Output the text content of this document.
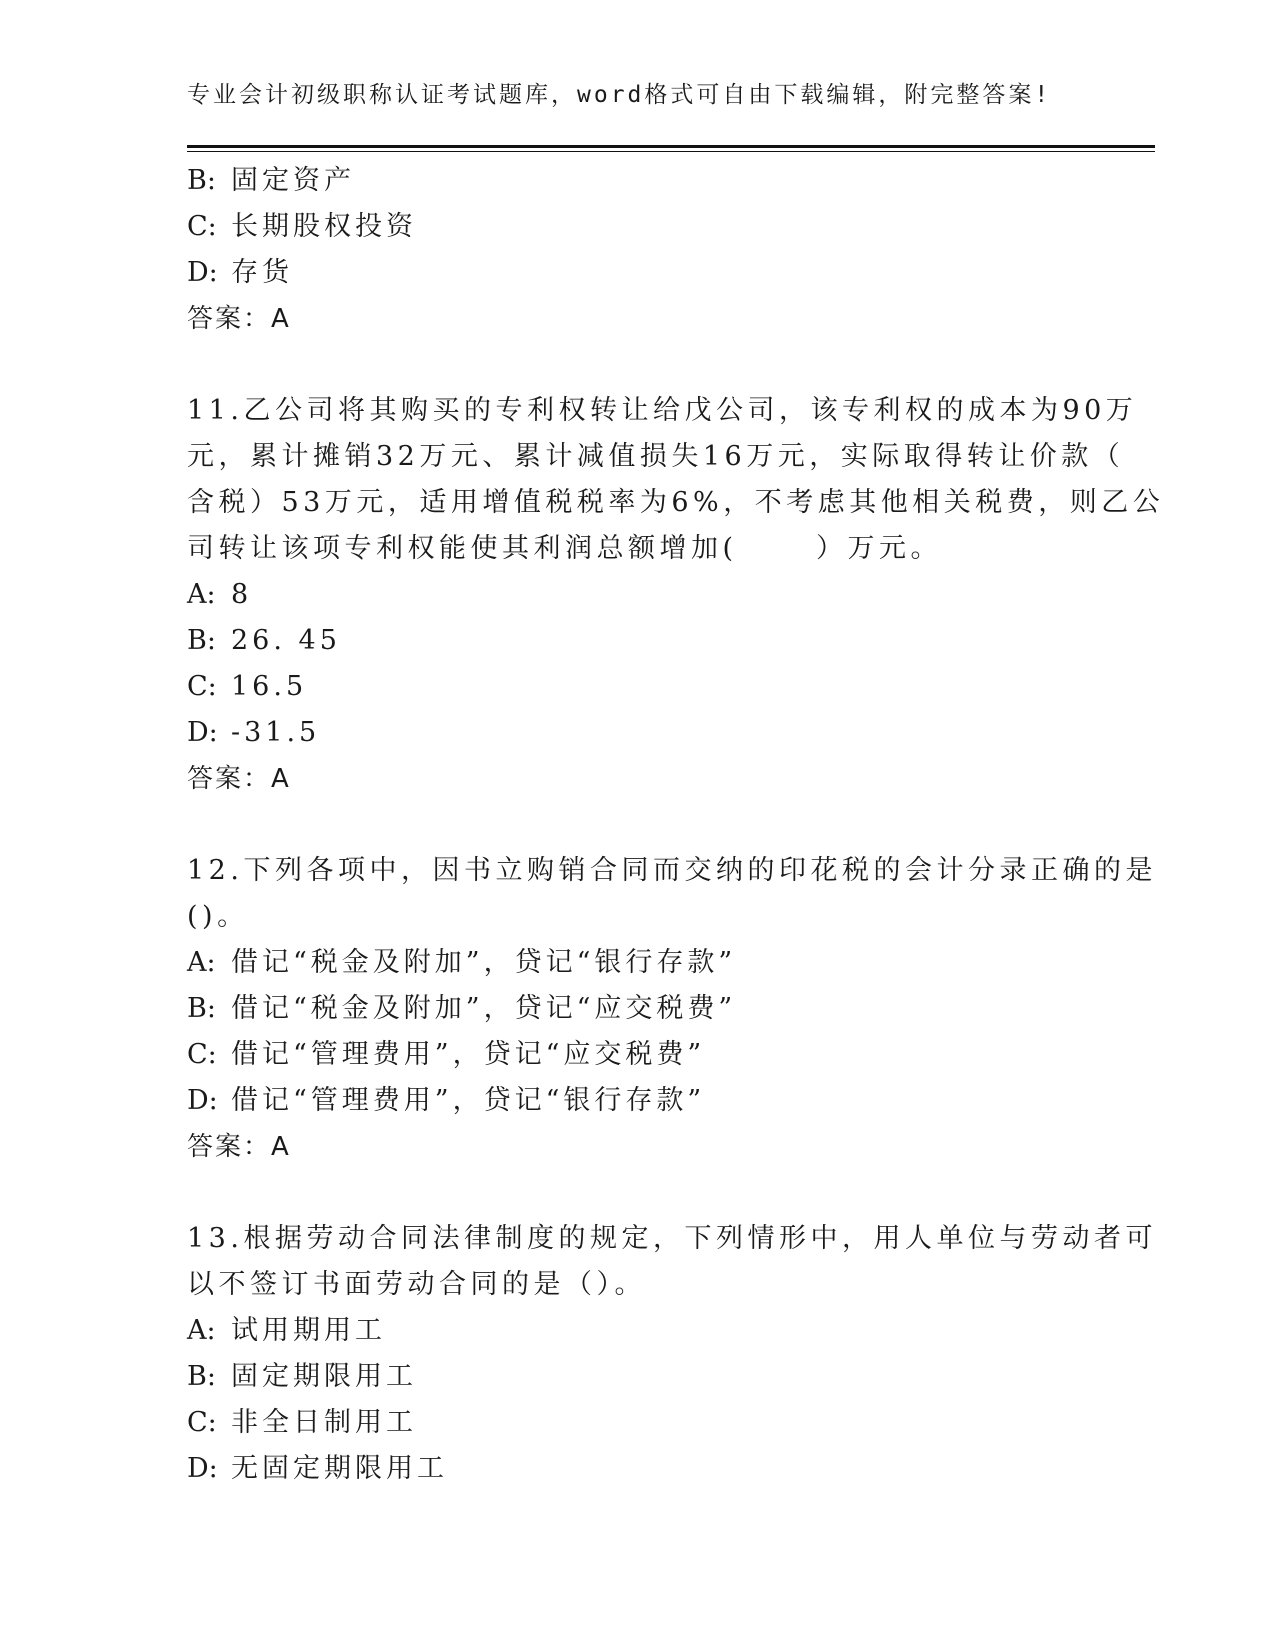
专业会计初级职称认证考试题库，word格式可自由下载编辑，附完整答案!
B: 固定资产
C: 长期股权投资
D: 存货
答案：A
11.乙公司将其购买的专利权转让给戊公司，该专利权的成本为90万
元，累计摊销32万元、累计减值损失16万元，实际取得转让价款（
含税）53万元，适用增值税税率为6%，不考虑其他相关税费，则乙公
司转让该项专利权能使其利润总额增加(      ）万元。
A: 8
B: 26. 45
C: 16.5
D: -31.5
答案：A
12.下列各项中，因书立购销合同而交纳的印花税的会计分录正确的是
()。
A: 借记“税金及附加”，贷记“银行存款”
B: 借记“税金及附加”，贷记“应交税费”
C: 借记“管理费用”，贷记“应交税费”
D: 借记“管理费用”，贷记“银行存款”
答案：A
13.根据劳动合同法律制度的规定，下列情形中，用人单位与劳动者可
以不签订书面劳动合同的是（）。
A: 试用期用工
B: 固定期限用工
C: 非全日制用工
D: 无固定期限用工
